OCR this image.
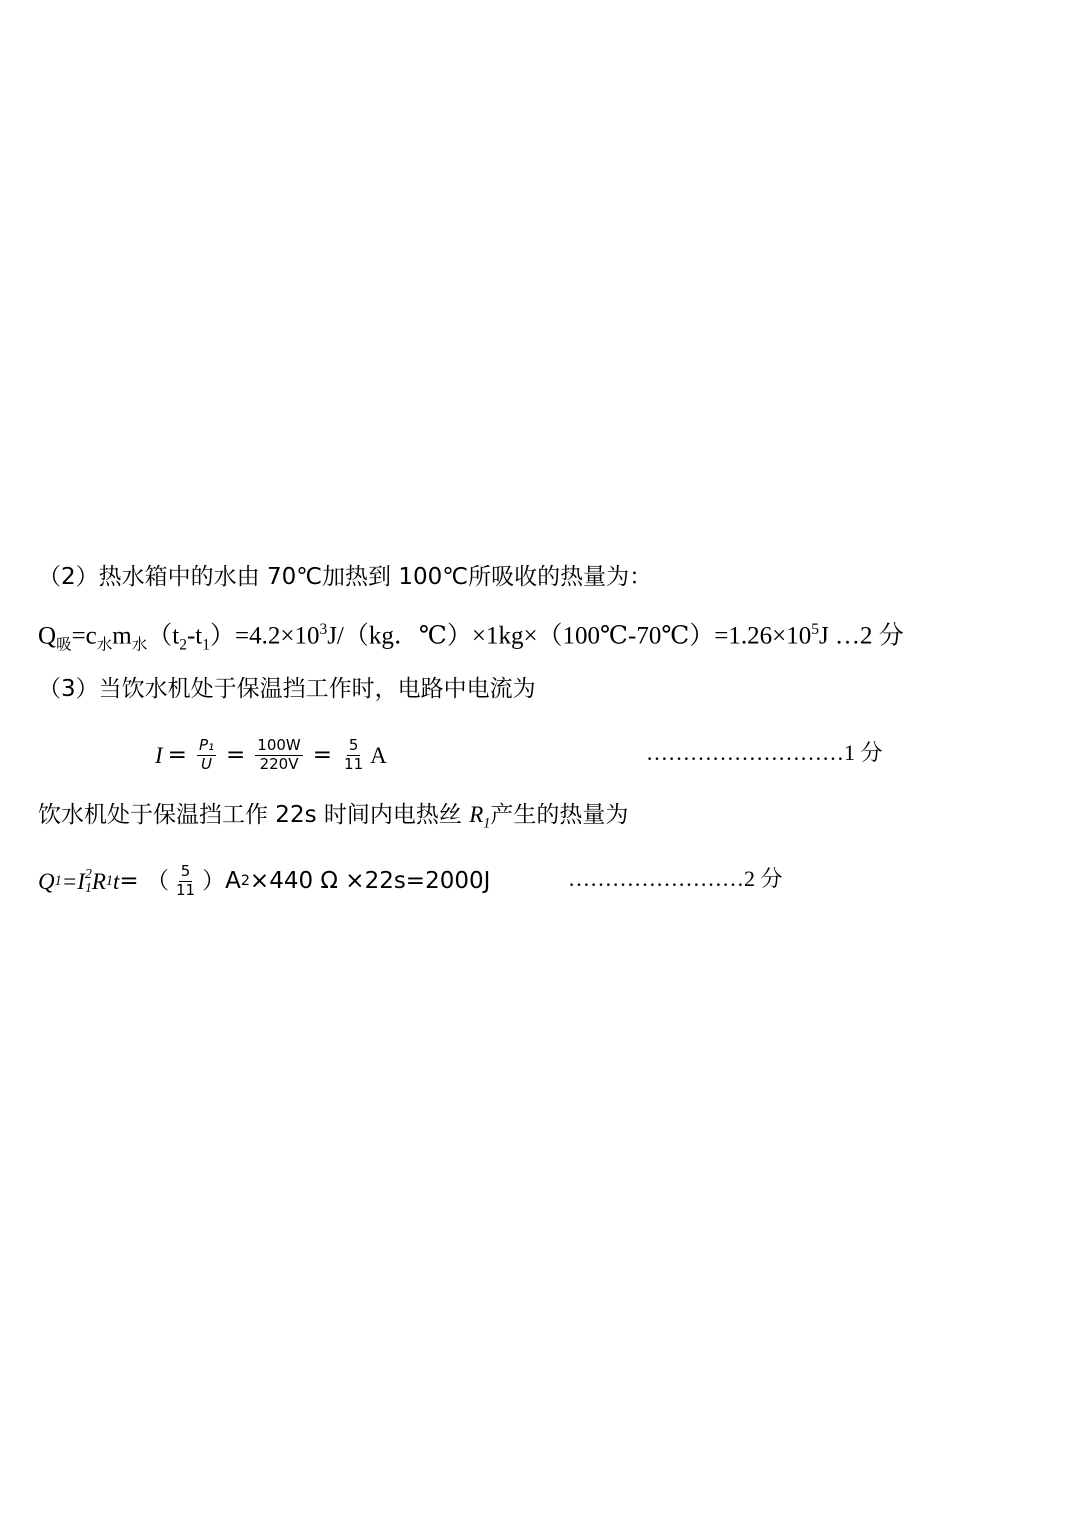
（2）热水箱中的水由 70℃加热到 100℃所吸收的热量为：
$Q_吸=c_水m_水(t_2-t_1)=4.2\times 10^3J/(kg$．$℃)\times 1kg\times(100℃-70℃)=1.26\times 10^5J$ …2 分
（3）当饮水机处于保温挡工作时，电路中电流为
$I = \frac{\text{P₁}}{U} = \frac{100W}{220V} = \frac{5}{11}$ A	………………………1 分
饮水机处于保温挡工作 22s 时间内电热丝 $R_1$产生的热量为
Q 1 =I 2
1 R 1 t = （ $\frac{5}{11} )A$ 2 ×440 Ω ×22s=2000J	……………………2 分
